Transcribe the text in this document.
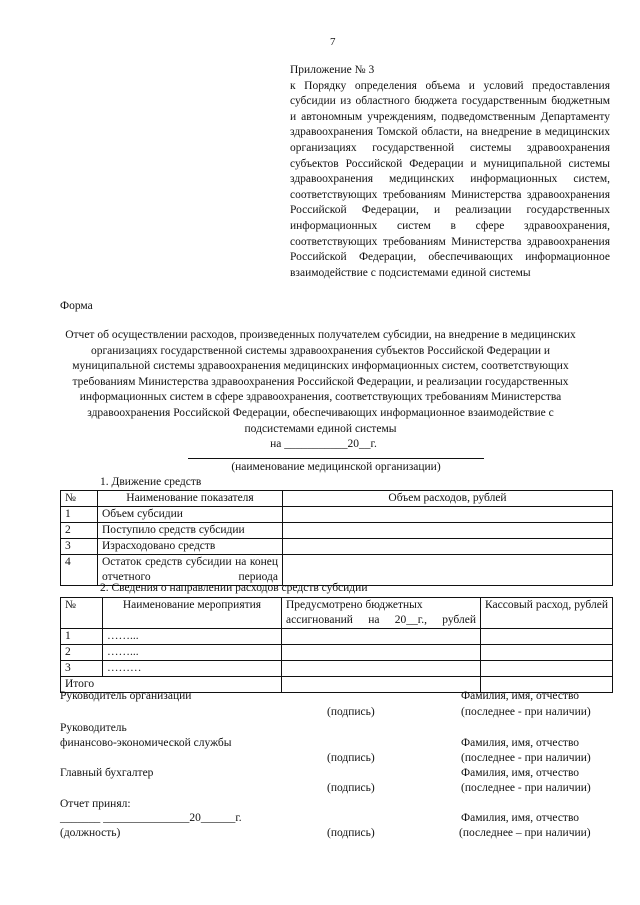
7
Приложение № 3
к Порядку определения объема и условий предоставления субсидии из областного бюджета государственным бюджетным и автономным учреждениям, подведомственным Департаменту здравоохранения Томской области, на внедрение в медицинских организациях государственной системы здравоохранения субъектов Российской Федерации и муниципальной системы здравоохранения медицинских информационных систем, соответствующих требованиям Министерства здравоохранения Российской Федерации, и реализации государственных информационных систем в сфере здравоохранения, соответствующих требованиям Министерства здравоохранения Российской Федерации, обеспечивающих информационное взаимодействие с подсистемами единой системы
Форма
Отчет об осуществлении расходов, произведенных получателем субсидии, на внедрение в медицинских организациях государственной системы здравоохранения субъектов Российской Федерации и муниципальной системы здравоохранения медицинских информационных систем, соответствующих требованиям Министерства здравоохранения Российской Федерации, и реализации государственных информационных систем в сфере здравоохранения, соответствующих требованиям Министерства здравоохранения Российской Федерации, обеспечивающих информационное взаимодействие с подсистемами единой системы
на ___________20__г.
(наименование медицинской организации)
1. Движение средств
№	Наименование показателя	Объем расходов, рублей
1	Объем субсидии	
2	Поступило средств субсидии	
3	Израсходовано средств	
4	Остаток средств субсидии на конец отчетного периода	
2. Сведения о направлении расходов средств субсидии
№	Наименование мероприятия	Предусмотрено бюджетных ассигнований на 20__г., рублей	Кассовый расход, рублей
1	……...		
2	……...		
3	………		
Итого			
Руководитель организации	Фамилия, имя, отчество
(подпись)	(последнее - при наличии)
Руководитель
финансово-экономической службы	Фамилия, имя, отчество
(подпись)	(последнее - при наличии)
Главный бухгалтер	Фамилия, имя, отчество
(подпись)	(последнее - при наличии)
Отчет принял:
_______ _______________20______г.	Фамилия, имя, отчество
(должность)	(подпись)	(последнее – при наличии)
